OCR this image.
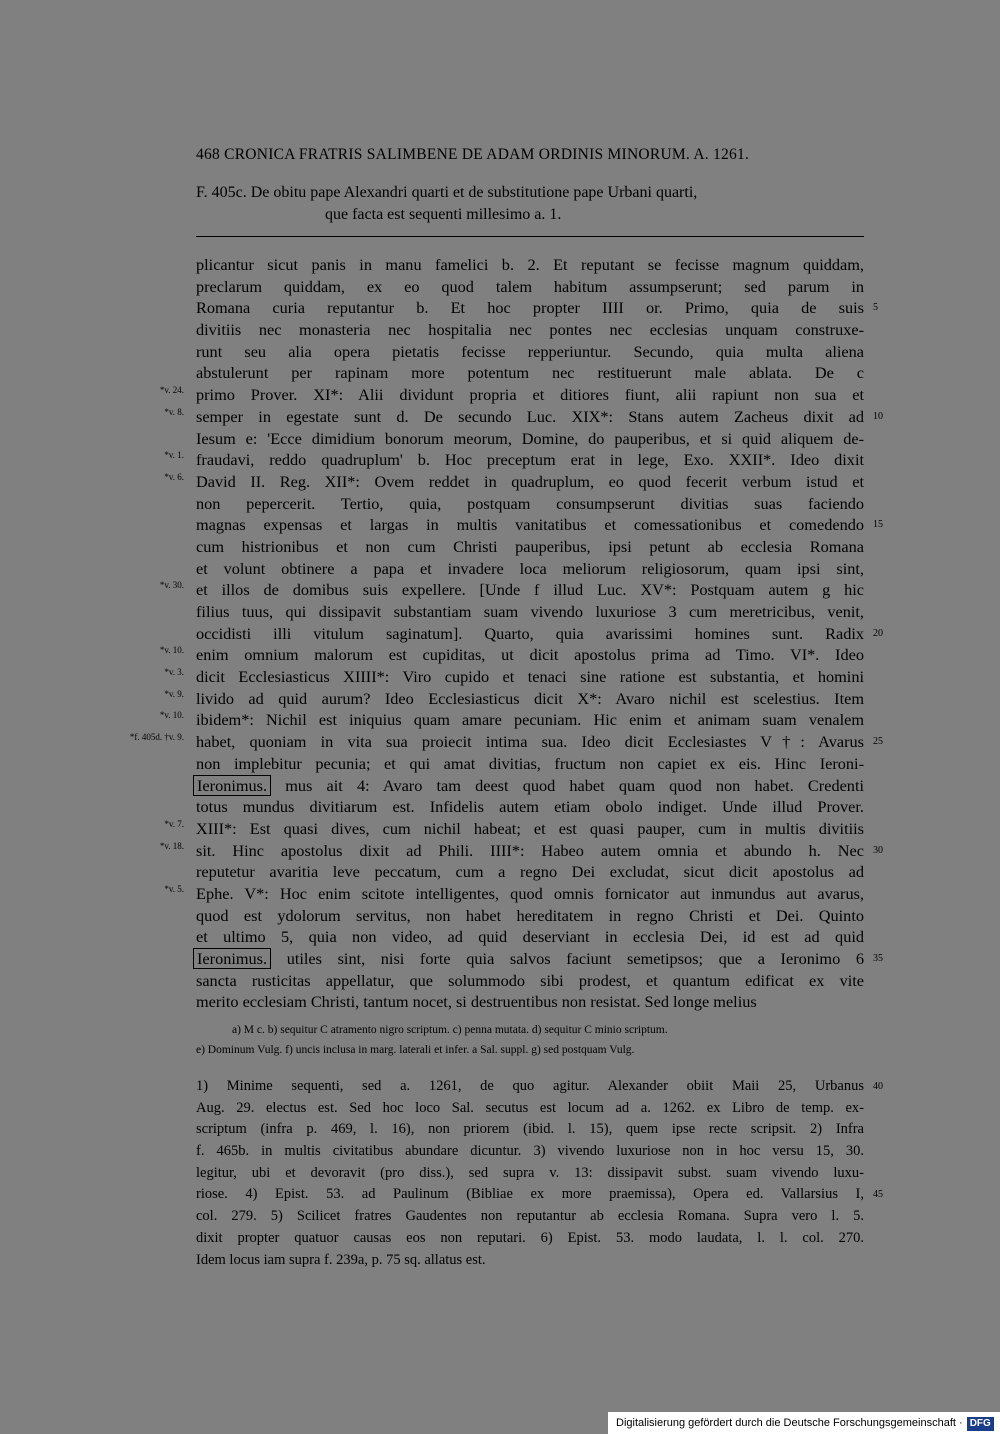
468 CRONICA FRATRIS SALIMBENE DE ADAM ORDINIS MINORUM. A. 1261.
F. 405c. De obitu pape Alexandri quarti et de substitutione pape Urbani quarti,
que facta est sequenti millesimo a. 1.
plicantur sicut panis in manu famelici b. 2. Et reputant se fecisse magnum quiddam,
preclarum quiddam, ex eo quod talem habitum assumpserunt; sed parum in
Romana curia reputantur b. Et hoc propter IIII or. Primo, quia de suis 5
divitiis nec monasteria nec hospitalia nec pontes nec ecclesias unquam construxe-
runt seu alia opera pietatis fecisse repperiuntur. Secundo, quia multa aliena
abstulerunt per rapinam more potentum nec restituerunt male ablata. De c
*v. 24. primo Prover. XI*: Alii dividunt propria et ditiores fiunt, alii rapiunt non sua et
*v. 8. semper in egestate sunt d. De secundo Luc. XIX*: Stans autem Zacheus dixit ad 10
Iesum e: 'Ecce dimidium bonorum meorum, Domine, do pauperibus, et si quid aliquem de-
*v. 1. fraudavi, reddo quadruplum' b. Hoc preceptum erat in lege, Exo. XXII*. Ideo dixit
*v. 6. David II. Reg. XII*: Ovem reddet in quadruplum, eo quod fecerit verbum istud et
non pepercerit. Tertio, quia, postquam consumpserunt divitias suas faciendo
magnas expensas et largas in multis vanitatibus et comessationibus et comedendo 15
cum histrionibus et non cum Christi pauperibus, ipsi petunt ab ecclesia Romana
et volunt obtinere a papa et invadere loca meliorum religiosorum, quam ipsi sint,
*v. 30. et illos de domibus suis expellere. [Unde f illud Luc. XV*: Postquam autem g hic
filius tuus, qui dissipavit substantiam suam vivendo luxuriose 3 cum meretricibus, venit,
occidisti illi vitulum saginatum]. Quarto, quia avarissimi homines sunt. Radix 20
*v. 10. enim omnium malorum est cupiditas, ut dicit apostolus prima ad Timo. VI*. Ideo
*v. 3. dicit Ecclesiasticus XIIII*: Viro cupido et tenaci sine ratione est substantia, et homini
*v. 9. livido ad quid aurum? Ideo Ecclesiasticus dicit X*: Avaro nichil est scelestius. Item
*v. 10. ibidem*: Nichil est iniquius quam amare pecuniam. Hic enim et animam suam venalem
*f. 405d. †v. 9. habet, quoniam in vita sua proiecit intima sua. Ideo dicit Ecclesiastes V†: Avarus 25
non implebitur pecunia; et qui amat divitias, fructum non capiet ex eis. Hinc Ieroni-
Ieronimus. mus ait 4: Avaro tam deest quod habet quam quod non habet. Credenti
totus mundus divitiarum est. Infidelis autem etiam obolo indiget. Unde illud Prover.
*v. 7. XIII*: Est quasi dives, cum nichil habeat; et est quasi pauper, cum in multis divitiis
*v. 18. sit. Hinc apostolus dixit ad Phili. IIII*: Habeo autem omnia et abundo h. Nec 30
reputetur avaritia leve peccatum, cum a regno Dei excludat, sicut dicit apostolus ad
*v. 5. Ephe. V*: Hoc enim scitote intelligentes, quod omnis fornicator aut inmundus aut avarus,
quod est ydolorum servitus, non habet hereditatem in regno Christi et Dei. Quinto
et ultimo 5, quia non video, ad quid deserviant in ecclesia Dei, id est ad quid
Ieronimus. utiles sint, nisi forte quia salvos faciunt semetipsos; que a Ieronimo 6 35
sancta rusticitas appellatur, que solummodo sibi prodest, et quantum edificat ex vite
merito ecclesiam Christi, tantum nocet, si destruentibus non resistat. Sed longe melius
a) M c. b) sequitur C atramento nigro scriptum. c) penna mutata. d) sequitur C minio scriptum.
e) Dominum Vulg. f) uncis inclusa in marg. laterali et infer. a Sal. suppl. g) sed postquam Vulg.
1) Minime sequenti, sed a. 1261, de quo agitur. Alexander obiit Maii 25, Urbanus 40
Aug. 29. electus est. Sed hoc loco Sal. secutus est locum ad a. 1262. ex Libro de temp. ex-
scriptum (infra p. 469, l. 16), non priorem (ibid. l. 15), quem ipse recte scripsit. 2) Infra
f. 465b. in multis civitatibus abundare dicuntur. 3) vivendo luxuriose non in hoc versu 15, 30.
legitur, ubi et devoravit (pro diss.), sed supra v. 13: dissipavit subst. suam vivendo luxu-
riose. 4) Epist. 53. ad Paulinum (Bibliae ex more praemissa), Opera ed. Vallarsius I, 45
col. 279. 5) Scilicet fratres Gaudentes non reputantur ab ecclesia Romana. Supra vero l. 5.
dixit propter quatuor causas eos non reputari. 6) Epist. 53. modo laudata, l. l. col. 270.
Idem locus iam supra f. 239a, p. 75 sq. allatus est.
Digitalisierung gefördert durch die Deutsche Forschungsgemeinschaft · DFG
